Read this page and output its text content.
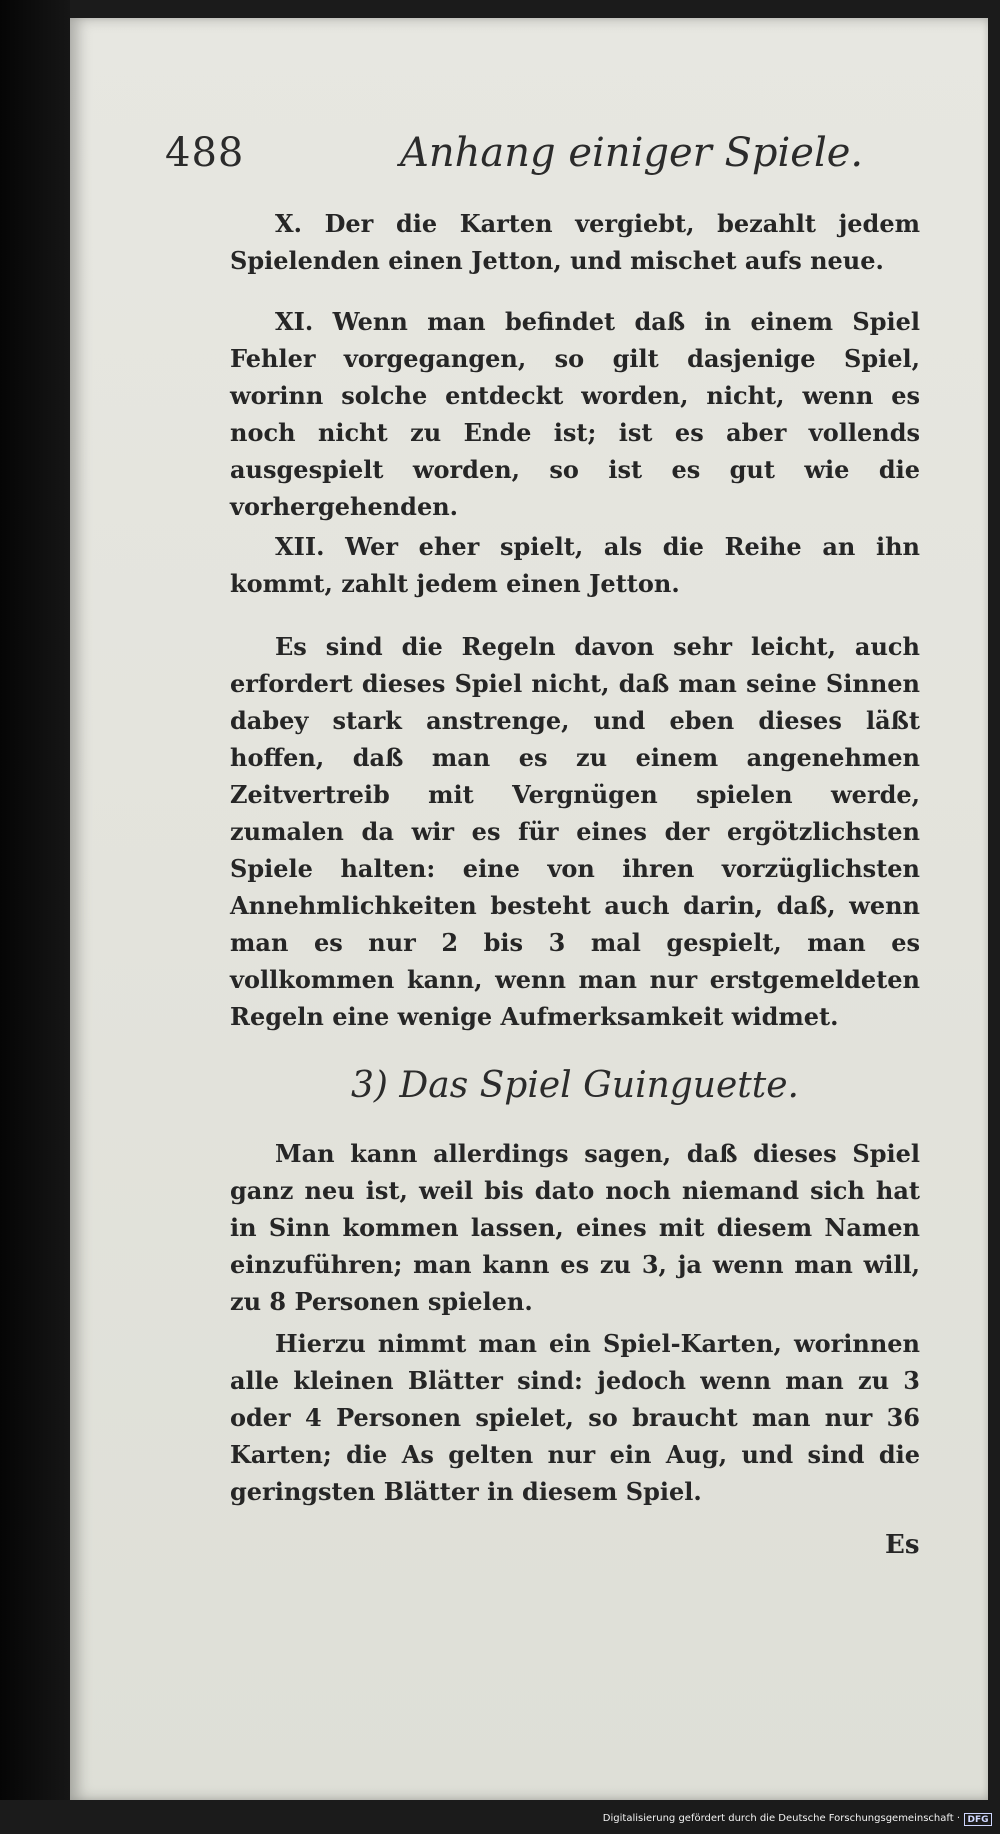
488	Anhang einiger Spiele.

X. Der die Karten vergiebt, bezahlt jedem Spielenden einen Jetton, und mischet aufs neue.

XI. Wenn man befindet daß in einem Spiel Fehler vorgegangen, so gilt dasjenige Spiel, worinn solche entdeckt worden, nicht, wenn es noch nicht zu Ende ist; ist es aber vollends ausgespielt worden, so ist es gut wie die vorhergehenden.

XII. Wer eher spielt, als die Reihe an ihn kommt, zahlt jedem einen Jetton.

Es sind die Regeln davon sehr leicht, auch erfordert dieses Spiel nicht, daß man seine Sinnen dabey stark anstrenge, und eben dieses läßt hoffen, daß man es zu einem angenehmen Zeitvertreib mit Vergnügen spielen werde, zumalen da wir es für eines der ergötzlichsten Spiele halten: eine von ihren vorzüglichsten Annehmlichkeiten besteht auch darin, daß, wenn man es nur 2 bis 3 mal gespielt, man es vollkommen kann, wenn man nur erstgemeldeten Regeln eine wenige Aufmerksamkeit widmet.

3) Das Spiel Guinguette.

Man kann allerdings sagen, daß dieses Spiel ganz neu ist, weil bis dato noch niemand sich hat in Sinn kommen lassen, eines mit diesem Namen einzuführen; man kann es zu 3, ja wenn man will, zu 8 Personen spielen.

Hierzu nimmt man ein Spiel-Karten, worinnen alle kleinen Blätter sind: jedoch wenn man zu 3 oder 4 Personen spielet, so braucht man nur 36 Karten; die As gelten nur ein Aug, und sind die geringsten Blätter in diesem Spiel.

Es
Digitalisierung gefördert durch die Deutsche Forschungsgemeinschaft · DFG
